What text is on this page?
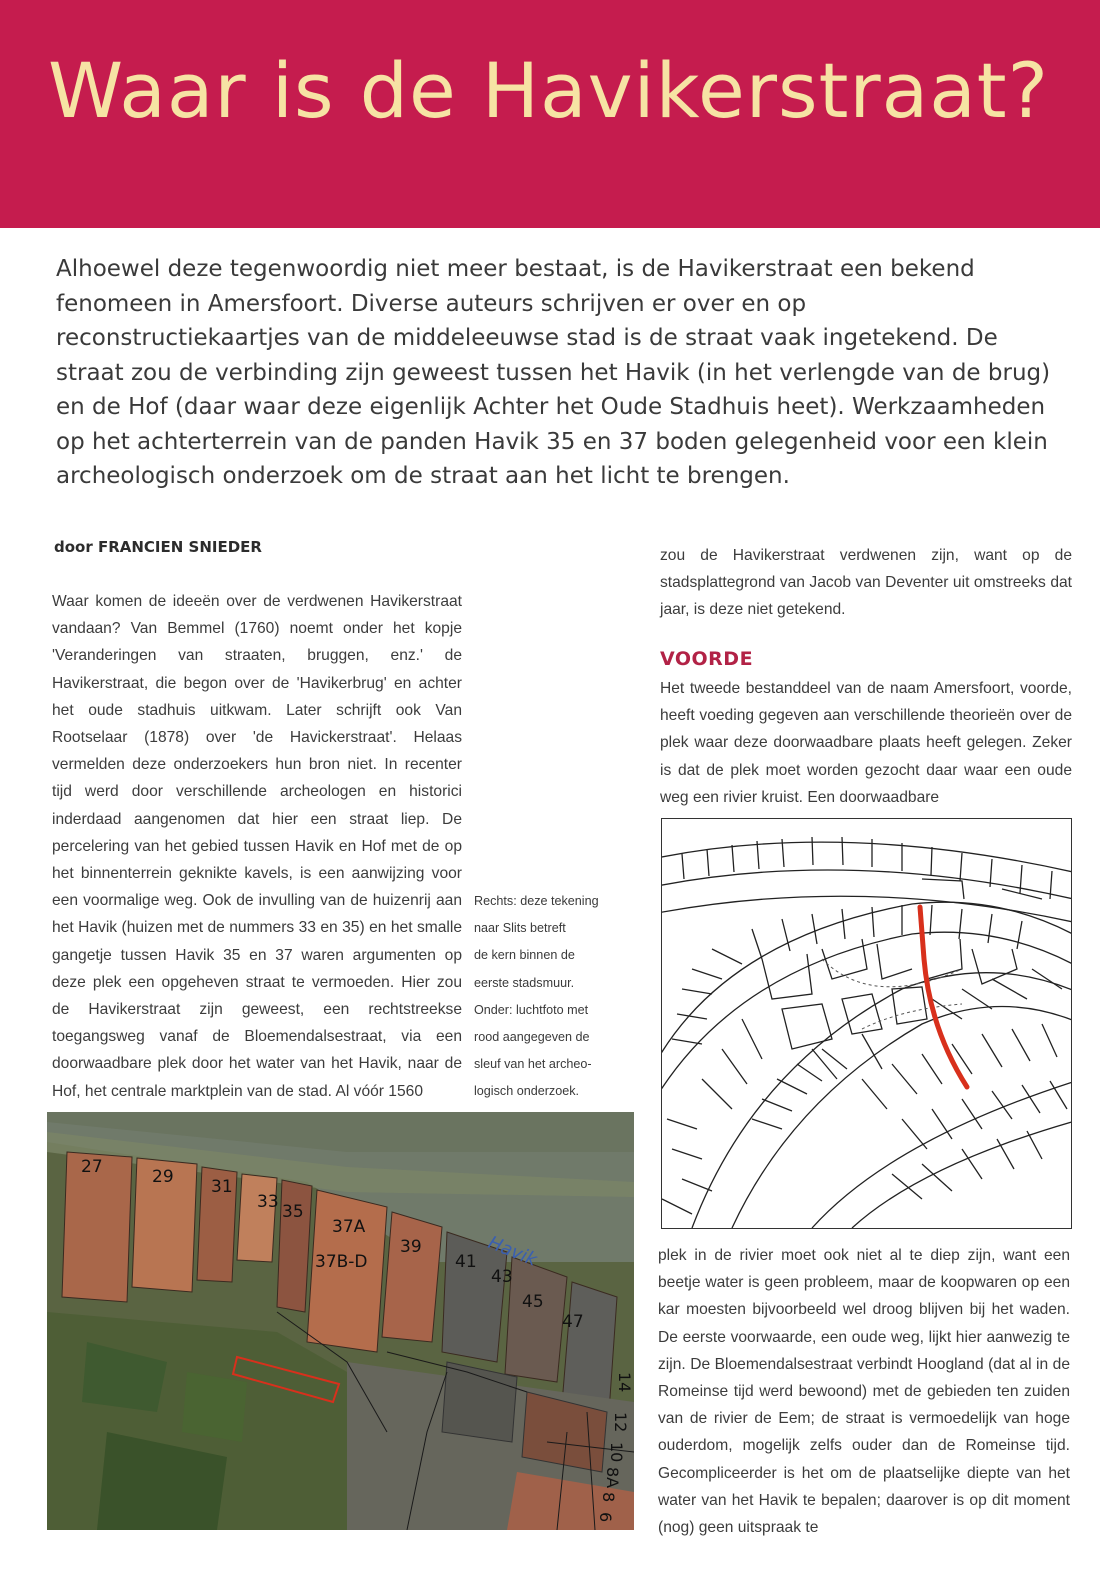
Waar is de Havikerstraat?

Alhoewel deze tegenwoordig niet meer bestaat, is de Havikerstraat een bekend fenomeen in Amersfoort. Diverse auteurs schrijven er over en op reconstructiekaartjes van de middeleeuwse stad is de straat vaak ingetekend. De straat zou de verbinding zijn geweest tussen het Havik (in het verlengde van de brug) en de Hof (daar waar deze eigenlijk Achter het Oude Stadhuis heet). Werkzaamheden op het achterterrein van de panden Havik 35 en 37 boden gelegenheid voor een klein archeologisch onderzoek om de straat aan het licht te brengen.

door FRANCIEN SNIEDER

Waar komen de ideeën over de verdwenen Havikerstraat vandaan? Van Bemmel (1760) noemt onder het kopje 'Veranderingen van straaten, bruggen, enz.' de Havikerstraat, die begon over de 'Havikerbrug' en achter het oude stadhuis uitkwam. Later schrijft ook Van Rootselaar (1878) over 'de Havickerstraat'. Helaas vermelden deze onderzoekers hun bron niet. In recenter tijd werd door verschillende archeologen en historici inderdaad aangenomen dat hier een straat liep. De percelering van het gebied tussen Havik en Hof met de op het binnenterrein geknikte kavels, is een aanwijzing voor een voormalige weg. Ook de invulling van de huizenrij aan het Havik (huizen met de nummers 33 en 35) en het smalle gangetje tussen Havik 35 en 37 waren argumenten op deze plek een opgeheven straat te vermoeden. Hier zou de Havikerstraat zijn geweest, een rechtstreekse toegangsweg vanaf de Bloemendalsestraat, via een doorwaadbare plek door het water van het Havik, naar de Hof, het centrale marktplein van de stad. Al vóór 1560

zou de Havikerstraat verdwenen zijn, want op de stadsplattegrond van Jacob van Deventer uit omstreeks dat jaar, is deze niet getekend.

VOORDE

Het tweede bestanddeel van de naam Amersfoort, voorde, heeft voeding gegeven aan verschillende theorieën over de plek waar deze doorwaadbare plaats heeft gelegen. Zeker is dat de plek moet worden gezocht daar waar een oude weg een rivier kruist. Een doorwaadbare

Rechts: deze tekening
naar Slits betreft
de kern binnen de
eerste stadsmuur.
Onder: luchtfoto met
rood aangegeven de
sleuf van het archeo-
logisch onderzoek.

plek in de rivier moet ook niet al te diep zijn, want een beetje water is geen probleem, maar de koopwaren op een kar moesten bijvoorbeeld wel droog blijven bij het waden. De eerste voorwaarde, een oude weg, lijkt hier aanwezig te zijn. De Bloemendalsestraat verbindt Hoogland (dat al in de Romeinse tijd werd bewoond) met de gebieden ten zuiden van de rivier de Eem; de straat is vermoedelijk van hoge ouderdom, mogelijk zelfs ouder dan de Romeinse tijd. Gecompliceerder is het om de plaatselijke diepte van het water van het Havik te bepalen; daarover is op dit moment (nog) geen uitspraak te

27	29 31
33 35
37A
37B-D
39
41
43
45
47
14
12
10
8A
8
6
Havik
